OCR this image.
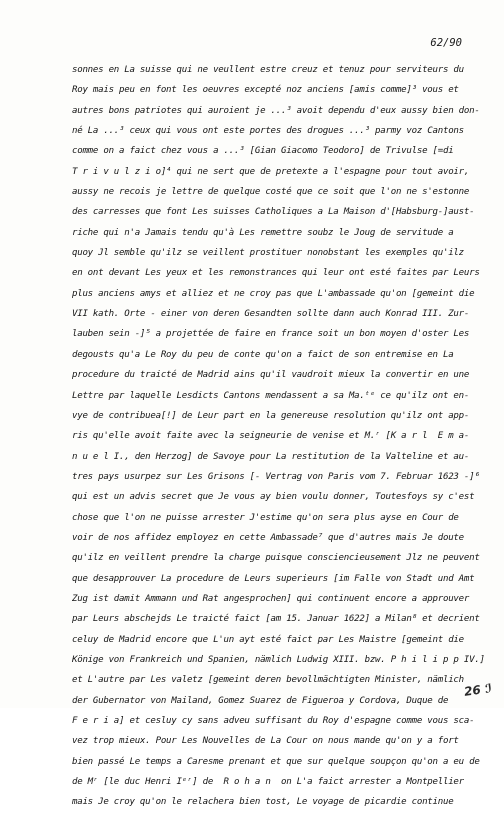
62/90
sonnes en La suisse qui ne veullent estre creuz et tenuz pour serviteurs du
Roy mais peu en font les oeuvres excepté noz anciens [amis comme]³ vous et
autres bons patriotes qui auroient je ...³ avoit dependu d'eux aussy bien don-
né La ...³ ceux qui vous ont este portes des drogues ...³ parmy voz Cantons
comme on a faict chez vous a ...³ [Gian Giacomo Teodoro] de Trivulse [=di
T r i v u l z i o]⁴ qui ne sert que de pretexte a l'espagne pour tout avoir,
aussy ne recois je lettre de quelque costé que ce soit que l'on ne s'estonne
des carresses que font Les suisses Catholiques a La Maison d'[Habsburg-]aust-
riche qui n'a Jamais tendu qu'à Les remettre soubz le Joug de servitude a
quoy Jl semble qu'ilz se veillent prostituer nonobstant les exemples qu'ilz
en ont devant Les yeux et les remonstrances qui leur ont esté faites par Leurs
plus anciens amys et alliez et ne croy pas que L'ambassade qu'on [gemeint die
VII kath. Orte - einer von deren Gesandten sollte dann auch Konrad III. Zur-
lauben sein -]⁵ a projettée de faire en france soit un bon moyen d'oster Les
degousts qu'a Le Roy du peu de conte qu'on a faict de son entremise en La
procedure du traicté de Madrid ains qu'il vaudroit mieux la convertir en une
Lettre par laquelle Lesdicts Cantons mendassent a sa Ma.ᵗᵉ ce qu'ilz ont en-
vyе de contribuea[!] de Leur part en la genereuse resolution qu'ilz ont app-
ris qu'elle avoit faite avec la seigneurie de venise et M.ʳ [K a r l  E m a-
n u e l I., den Herzog] de Savoye pour La restitution de la Valteline et au-
tres pays usurpez sur Les Grisons [- Vertrag von Paris vom 7. Februar 1623 -]⁶
qui est un advis secret que Je vous ay bien voulu donner, Toutesfoys sy c'est
chose que l'on ne puisse arrester J'estime qu'on sera plus ayse en Cour de
voir de nos affidez employez en cette Ambassade⁷ que d'autres mais Je doute
qu'ilz en veillent prendre la charge puisque consciencieusement Jlz ne peuvent
que desapprouver La procedure de Leurs superieurs [im Falle von Stadt und Amt
Zug ist damit Ammann und Rat angesprochen] qui continuent encore a approuver
par Leurs abschejds Le traicté faict [am 15. Januar 1622] a Milan⁸ et decrient
celuy de Madrid encore que L'un ayt esté faict par Les Maistre [gemeint die
Könige von Frankreich und Spanien, nämlich Ludwig XIII. bzw. P h i l i p p IV.]
et L'autre par Les valetz [gemeint deren bevollmächtigten Minister, nämlich
der Gubernator von Mailand, Gomez Suarez de Figueroa y Cordova, Duque de
F e r i a] et cesluy cy sans adveu suffisant du Roy d'espagne comme vous sca-
vez trop mieux. Pour Les Nouvelles de La Cour on nous mande qu'on y a fort
bien passé Le temps a Caresme prenant et que sur quelque soupçon qu'on a eu de
de Mʳ [le duc Henri Iᵉʳ] de  R o h a n  on L'a faict arrester a Montpellier
mais Je croy qu'on le relachera bien tost, Le voyage de picardie continue
26 ℐ
